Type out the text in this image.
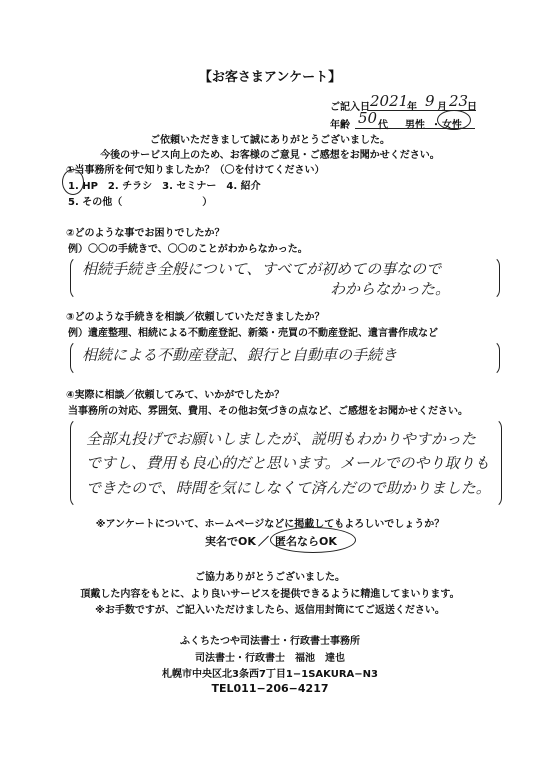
【お客さまアンケート】
ご記入日 2021
年 9 月 23
日
年齢 50 代 男性 ・ 女性
ご依頼いただきまして誠にありがとうございました。
今後のサービス向上のため、お客様のご意見・ご感想をお聞かせください。
①当事務所を何で知りましたか？（〇を付けてください）
1. HP　2. チラシ　3. セミナー　4. 紹介
5. その他（　　　　　　　　）
②どのような事でお困りでしたか？
例）〇〇の手続きで、〇〇のことがわからなかった。
相続手続き全般について、すべてが初めての事なので
わからなかった。
③どのような手続きを相談／依頼していただきましたか？
例）遺産整理、相続による不動産登記、新築・売買の不動産登記、遺言書作成など
相続による不動産登記、銀行と自動車の手続き
④実際に相談／依頼してみて、いかがでしたか？
当事務所の対応、雰囲気、費用、その他お気づきの点など、ご感想をお聞かせください。
全部丸投げでお願いしましたが、説明もわかりやすかった
ですし、費用も良心的だと思います。メールでのやり取りも
できたので、時間を気にしなくて済んだので助かりました。
※アンケートについて、ホームページなどに掲載してもよろしいでしょうか？
実名でOK ／ 匿名ならOK
ご協力ありがとうございました。
頂戴した内容をもとに、より良いサービスを提供できるように精進してまいります。
※お手数ですが、ご記入いただけましたら、返信用封筒にてご返送ください。
ふくちたつや司法書士・行政書士事務所
司法書士・行政書士　福池　達也
札幌市中央区北3条西7丁目1−1SAKURA−N3
TEL011−206−4217
